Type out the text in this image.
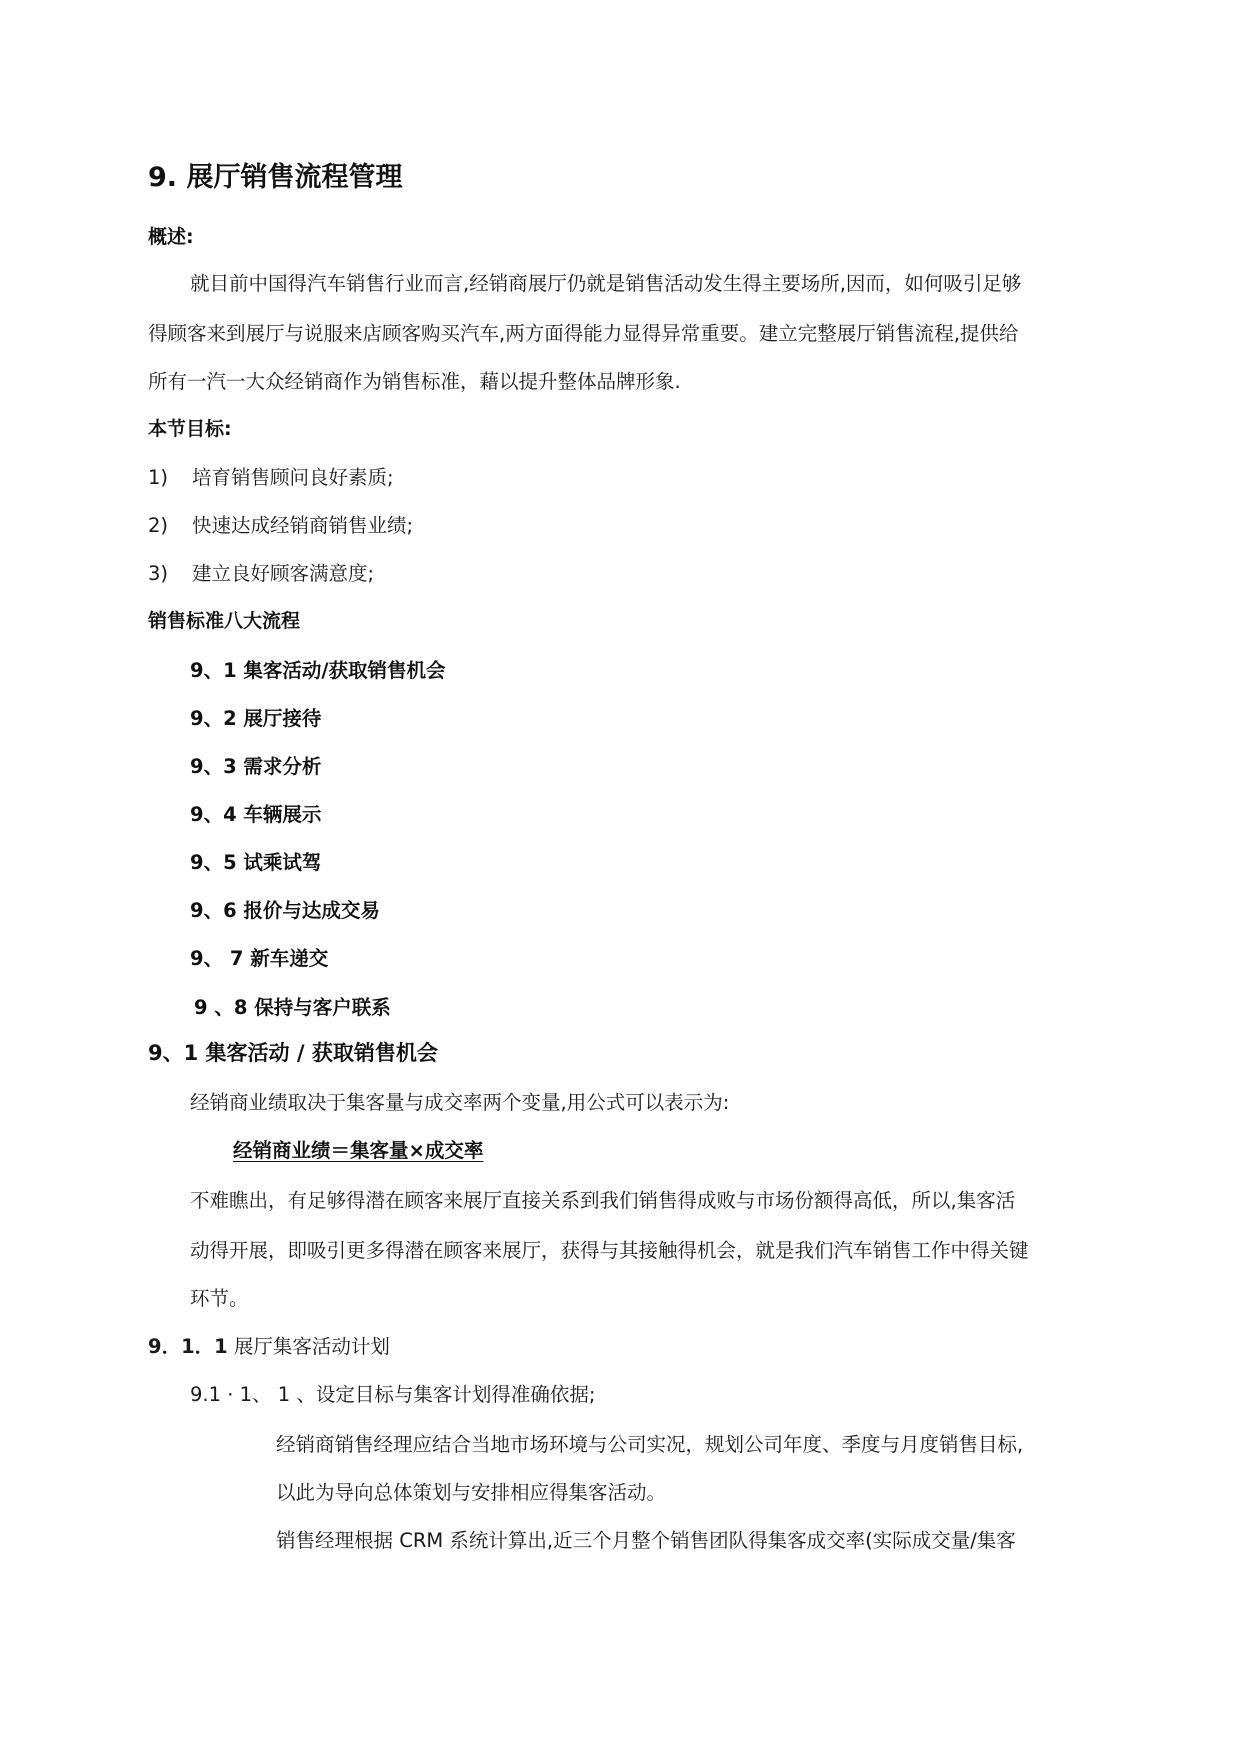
9. 展厅销售流程管理
概述:
就目前中国得汽车销售行业而言,经销商展厅仍就是销售活动发生得主要场所,因而，如何吸引足够
得顾客来到展厅与说服来店顾客购买汽车,两方面得能力显得异常重要。建立完整展厅销售流程,提供给
所有一汽一大众经销商作为销售标准，藉以提升整体品牌形象.
本节目标:
1) 培育销售顾问良好素质;
2) 快速达成经销商销售业绩;
3) 建立良好顾客满意度;
销售标准八大流程
9、1 集客活动/获取销售机会
9、2 展厅接待
9、3 需求分析
9、4 车辆展示
9、5 试乘试驾
9、6 报价与达成交易
9、 7 新车递交
9 、8 保持与客户联系
9、1 集客活动 / 获取销售机会
经销商业绩取决于集客量与成交率两个变量,用公式可以表示为:
经销商业绩＝集客量×成交率
不难瞧出，有足够得潜在顾客来展厅直接关系到我们销售得成败与市场份额得高低，所以,集客活
动得开展，即吸引更多得潜在顾客来展厅，获得与其接触得机会，就是我们汽车销售工作中得关键
环节。
9．1．1 展厅集客活动计划
9.1 · 1、 1 、设定目标与集客计划得准确依据;
经销商销售经理应结合当地市场环境与公司实况，规划公司年度、季度与月度销售目标,
以此为导向总体策划与安排相应得集客活动。
销售经理根据 CRM 系统计算出,近三个月整个销售团队得集客成交率(实际成交量/集客
